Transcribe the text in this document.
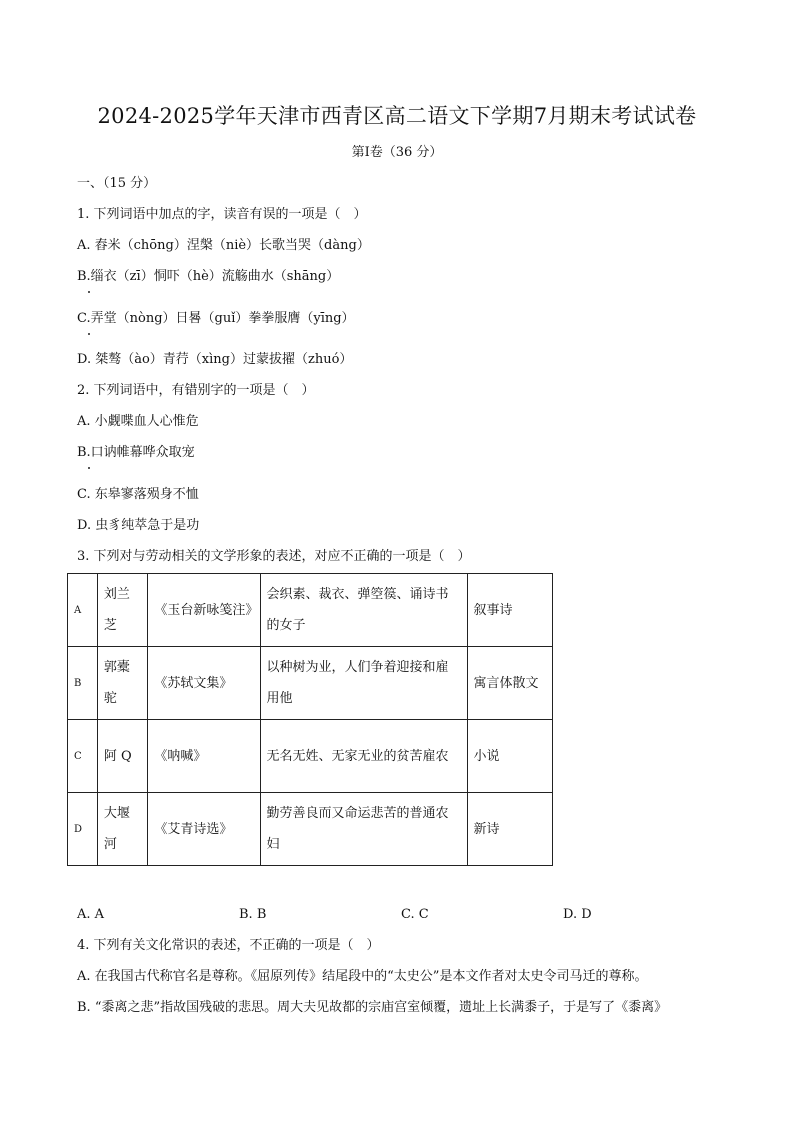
2024-2025学年天津市西青区高二语文下学期7月期末考试试卷
第Ⅰ卷（36 分）
一、（15 分）
1. 下列词语中加点的字，读音有误的一项是（　）
A. 舂米（chōng）涅槃（niè）长歌当哭（dàng）
B.缁衣（zī）恫吓（hè）流觞曲水（shāng）
C.弄堂（nòng）日晷（guǐ）拳拳服膺（yīng）
D. 桀骜（ào）青荇（xìng）过蒙拔擢（zhuó）
2. 下列词语中，有错别字的一项是（　）
A. 小觑喋血人心惟危
B.口讷帷幕哗众取宠
C. 东皋寥落殒身不恤
D. 虫豸纯萃急于是功
3. 下列对与劳动相关的文学形象的表述，对应不正确的一项是（　）
A	刘兰芝	《玉台新咏笺注》	会织素、裁衣、弹箜篌、诵诗书的女子	叙事诗
B	郭橐驼	《苏轼文集》	以种树为业，人们争着迎接和雇用他	寓言体散文
C	阿 Q	《呐喊》	无名无姓、无家无业的贫苦雇农	小说
D	大堰河	《艾青诗选》	勤劳善良而又命运悲苦的普通农妇	新诗
A. A	B. B	C. C	D. D
4. 下列有关文化常识的表述，不正确的一项是（　）
A. 在我国古代称官名是尊称。《屈原列传》结尾段中的“太史公”是本文作者对太史令司马迁的尊称。
B. “黍离之悲”指故国残破的悲思。周大夫见故都的宗庙宫室倾覆，遗址上长满黍子，于是写了《黍离》
